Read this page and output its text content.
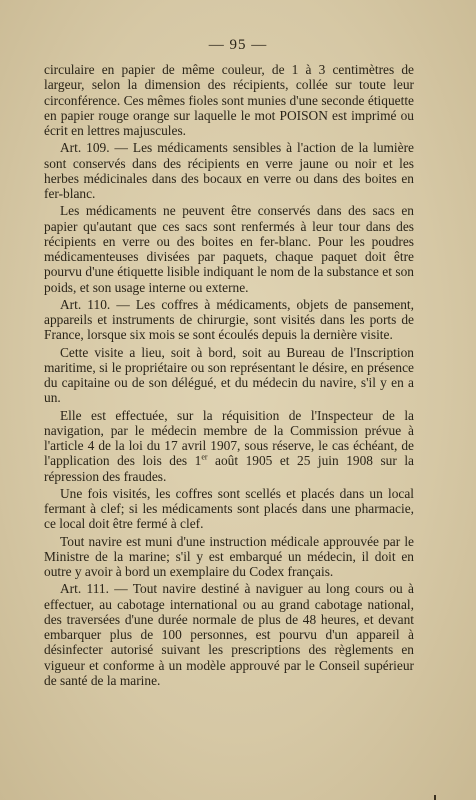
— 95 —

circulaire en papier de même couleur, de 1 à 3 centimètres de largeur, selon la dimension des récipients, collée sur toute leur circonférence. Ces mêmes fioles sont munies d'une seconde étiquette en papier rouge orange sur laquelle le mot POISON est imprimé ou écrit en lettres majuscules.

Art. 109. — Les médicaments sensibles à l'action de la lumière sont conservés dans des récipients en verre jaune ou noir et les herbes médicinales dans des bocaux en verre ou dans des boites en fer-blanc.

Les médicaments ne peuvent être conservés dans des sacs en papier qu'autant que ces sacs sont renfermés à leur tour dans des récipients en verre ou des boites en fer-blanc. Pour les poudres médicamenteuses divisées par paquets, chaque paquet doit être pourvu d'une étiquette lisible indiquant le nom de la substance et son poids, et son usage interne ou externe.

Art. 110. — Les coffres à médicaments, objets de pansement, appareils et instruments de chirurgie, sont visités dans les ports de France, lorsque six mois se sont écoulés depuis la dernière visite.

Cette visite a lieu, soit à bord, soit au Bureau de l'Inscription maritime, si le propriétaire ou son représentant le désire, en présence du capitaine ou de son délégué, et du médecin du navire, s'il y en a un.

Elle est effectuée, sur la réquisition de l'Inspecteur de la navigation, par le médecin membre de la Commission prévue à l'article 4 de la loi du 17 avril 1907, sous réserve, le cas échéant, de l'application des lois des 1er août 1905 et 25 juin 1908 sur la répression des fraudes.

Une fois visités, les coffres sont scellés et placés dans un local fermant à clef; si les médicaments sont placés dans une pharmacie, ce local doit être fermé à clef.

Tout navire est muni d'une instruction médicale approuvée par le Ministre de la marine; s'il y est embarqué un médecin, il doit en outre y avoir à bord un exemplaire du Codex français.

Art. 111. — Tout navire destiné à naviguer au long cours ou à effectuer, au cabotage international ou au grand cabotage national, des traversées d'une durée normale de plus de 48 heures, et devant embarquer plus de 100 personnes, est pourvu d'un appareil à désinfecter autorisé suivant les prescriptions des règlements en vigueur et conforme à un modèle approuvé par le Conseil supérieur de santé de la marine.
